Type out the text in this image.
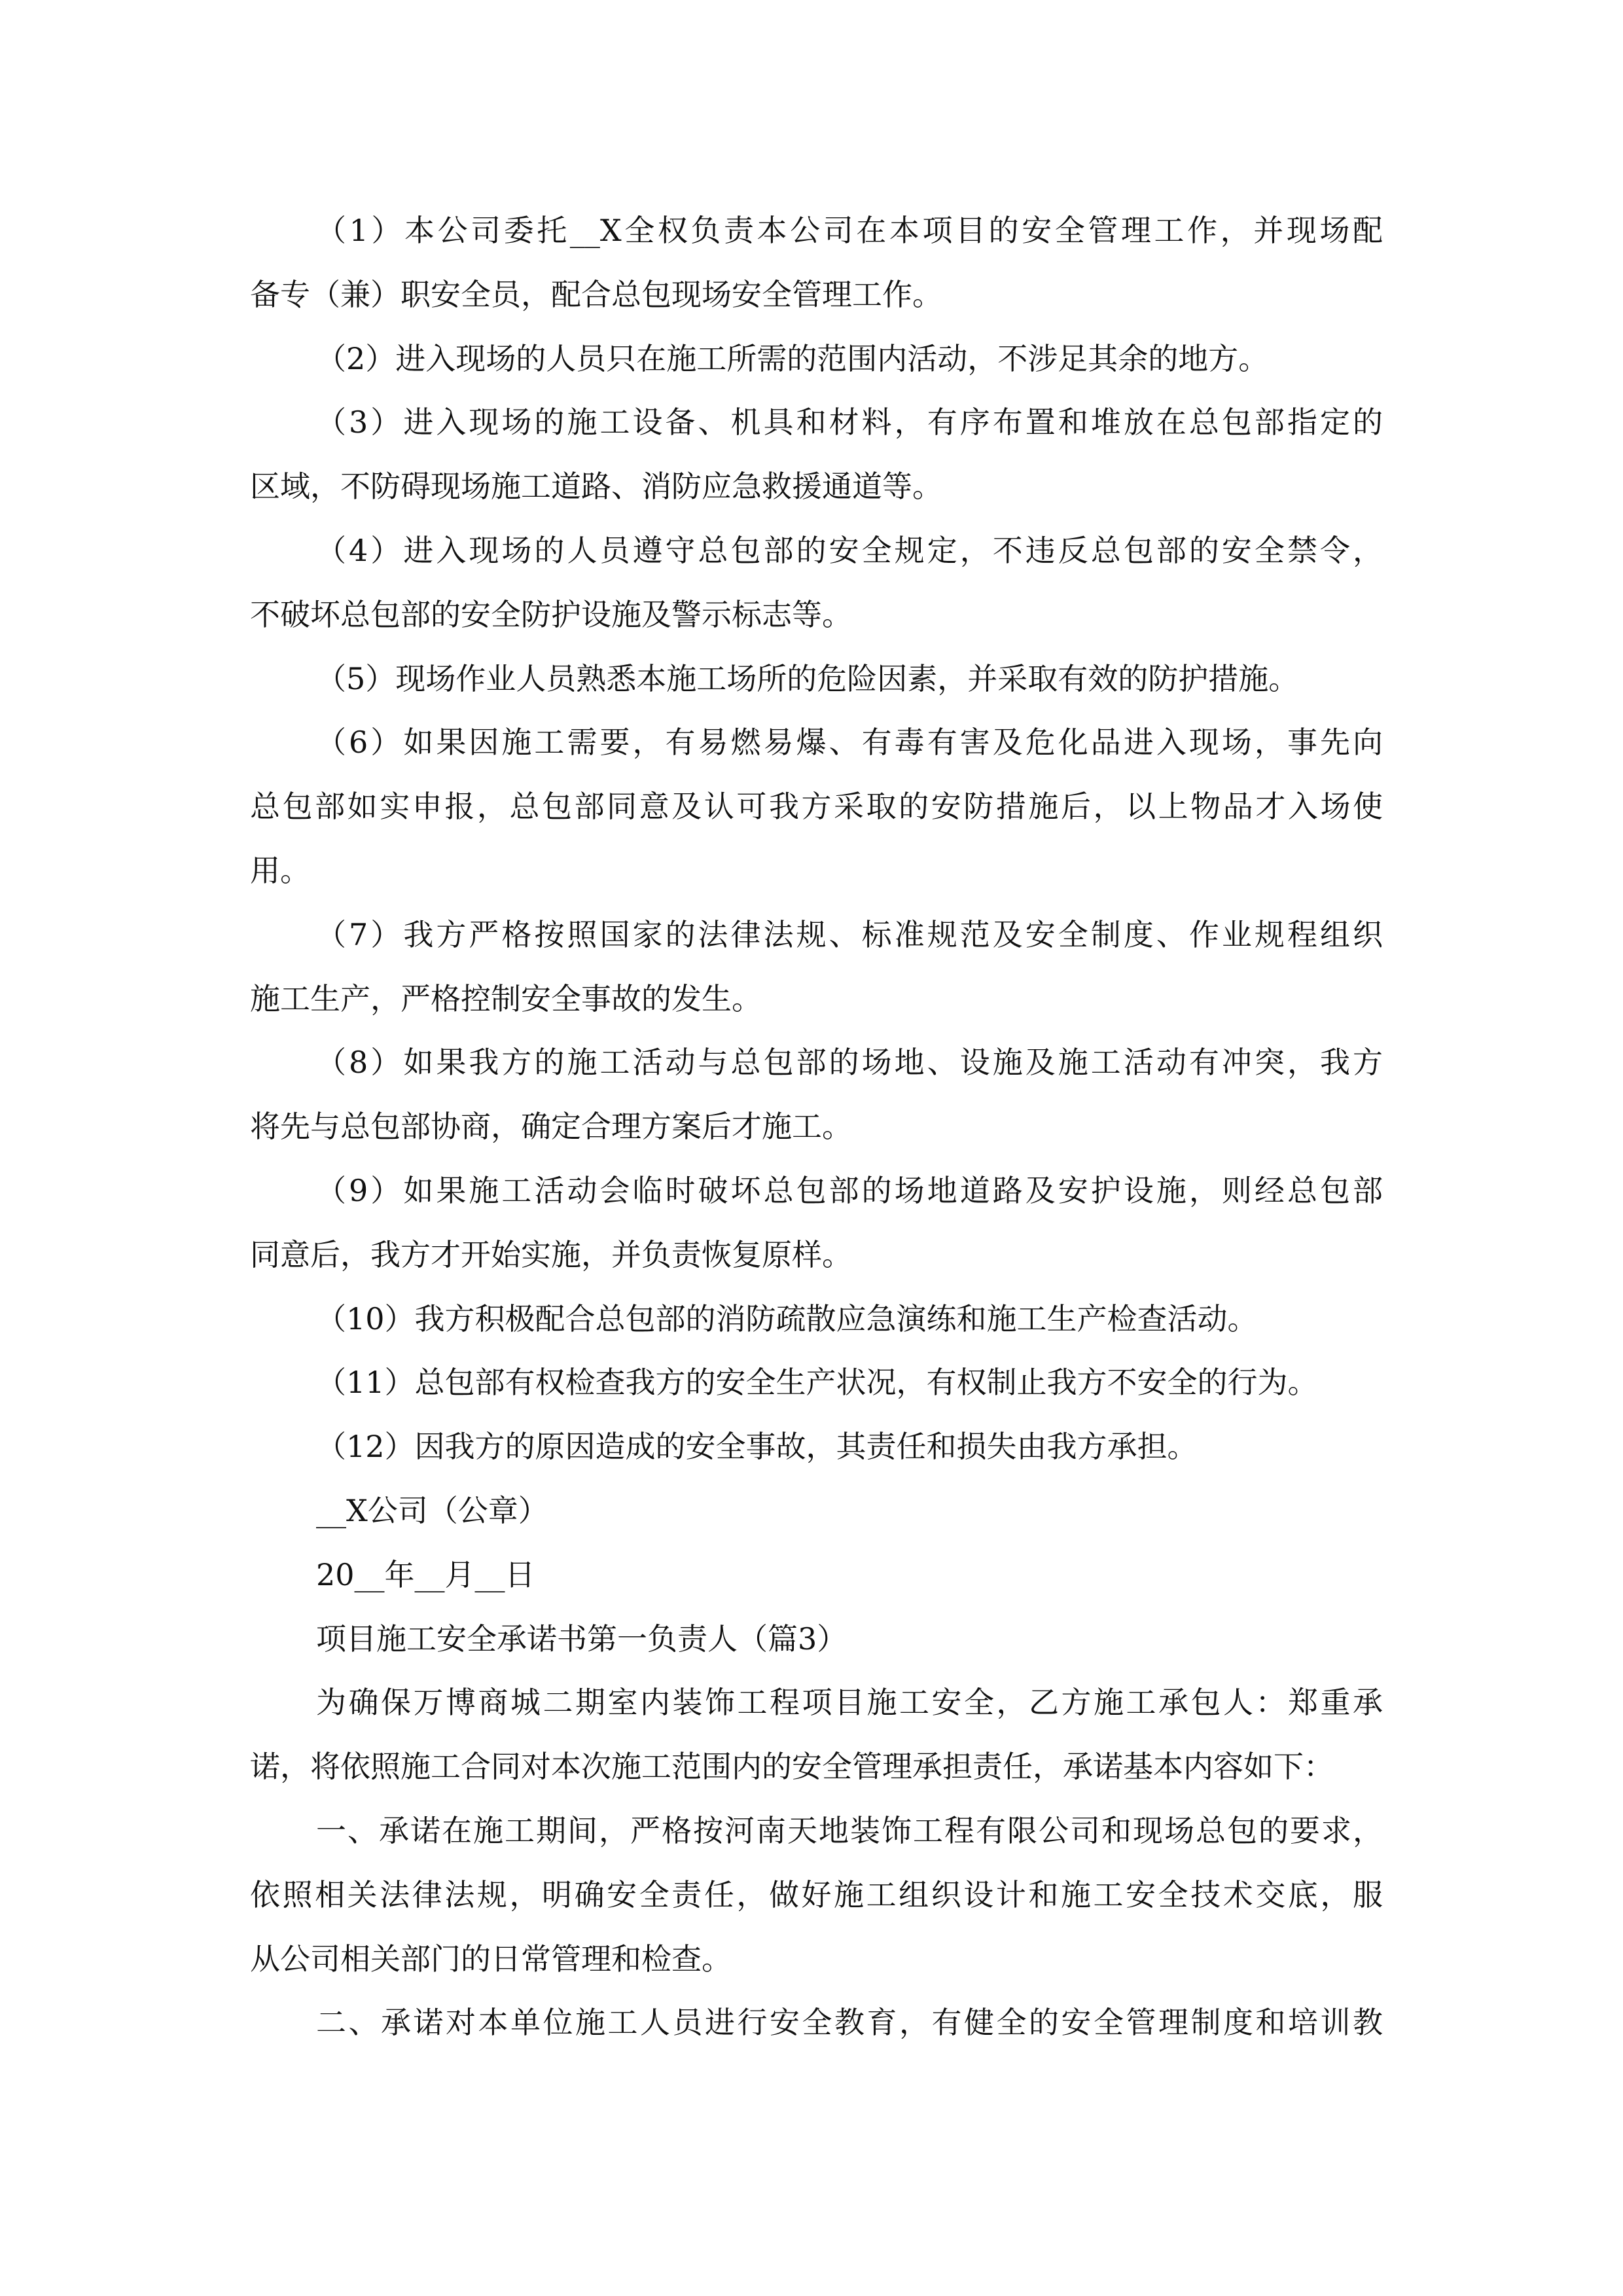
（1）本公司委托__X全权负责本公司在本项目的安全管理工作，并现场配
备专（兼）职安全员，配合总包现场安全管理工作。
（2）进入现场的人员只在施工所需的范围内活动，不涉足其余的地方。
（3）进入现场的施工设备、机具和材料，有序布置和堆放在总包部指定的
区域，不防碍现场施工道路、消防应急救援通道等。
（4）进入现场的人员遵守总包部的安全规定，不违反总包部的安全禁令，
不破坏总包部的安全防护设施及警示标志等。
（5）现场作业人员熟悉本施工场所的危险因素，并采取有效的防护措施。
（6）如果因施工需要，有易燃易爆、有毒有害及危化品进入现场，事先向
总包部如实申报，总包部同意及认可我方采取的安防措施后，以上物品才入场使
用。
（7）我方严格按照国家的法律法规、标准规范及安全制度、作业规程组织
施工生产，严格控制安全事故的发生。
（8）如果我方的施工活动与总包部的场地、设施及施工活动有冲突，我方
将先与总包部协商，确定合理方案后才施工。
（9）如果施工活动会临时破坏总包部的场地道路及安护设施，则经总包部
同意后，我方才开始实施，并负责恢复原样。
（10）我方积极配合总包部的消防疏散应急演练和施工生产检查活动。
（11）总包部有权检查我方的安全生产状况，有权制止我方不安全的行为。
（12）因我方的原因造成的安全事故，其责任和损失由我方承担。
__X公司（公章）
20__年__月__日
项目施工安全承诺书第一负责人（篇3）
为确保万博商城二期室内装饰工程项目施工安全，乙方施工承包人：郑重承
诺，将依照施工合同对本次施工范围内的安全管理承担责任，承诺基本内容如下：
一、承诺在施工期间，严格按河南天地装饰工程有限公司和现场总包的要求，
依照相关法律法规，明确安全责任，做好施工组织设计和施工安全技术交底，服
从公司相关部门的日常管理和检查。
二、承诺对本单位施工人员进行安全教育，有健全的安全管理制度和培训教
